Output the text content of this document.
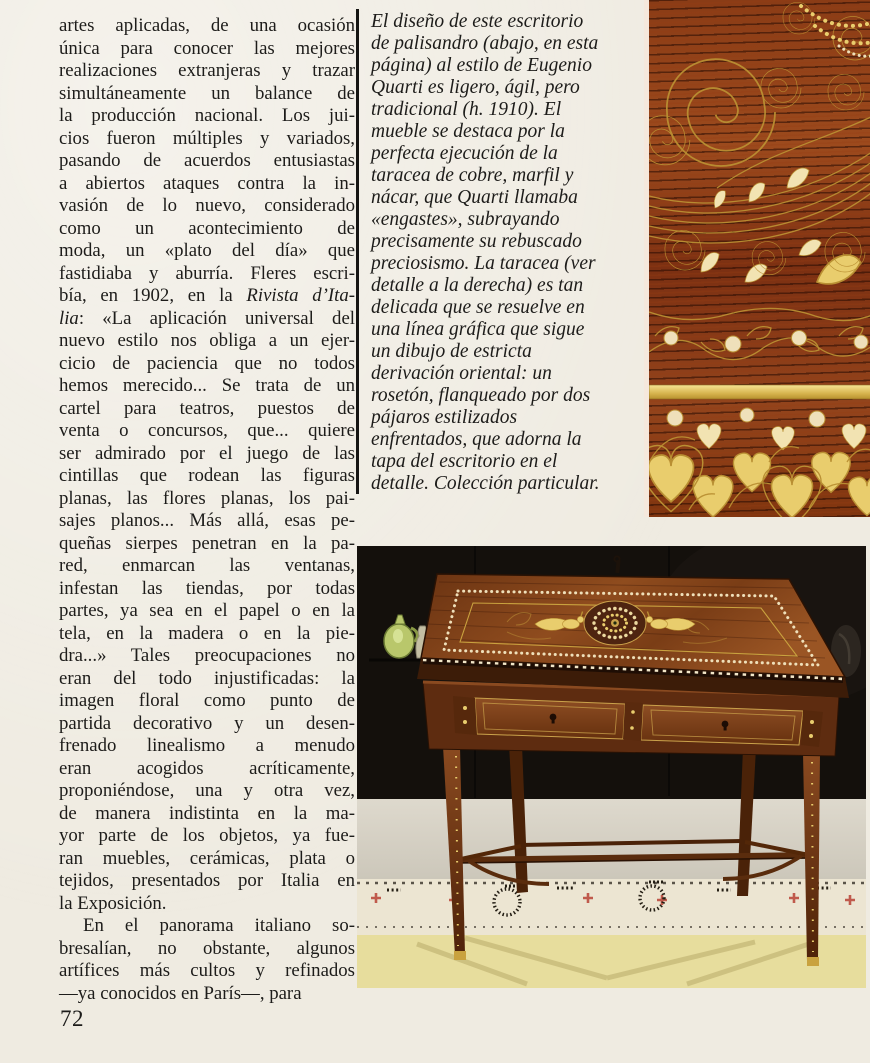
artes aplicadas, de una ocasión
única para conocer las mejores
realizaciones extranjeras y trazar
simultáneamente un balance de
la producción nacional. Los jui-
cios fueron múltiples y variados,
pasando de acuerdos entusiastas
a abiertos ataques contra la in-
vasión de lo nuevo, considerado
como un acontecimiento de
moda, un «plato del día» que
fastidiaba y aburría. Fleres escri-
bía, en 1902, en la Rivista d’Ita-
lia: «La aplicación universal del
nuevo estilo nos obliga a un ejer-
cicio de paciencia que no todos
hemos merecido... Se trata de un
cartel para teatros, puestos de
venta o concursos, que... quiere
ser admirado por el juego de las
cintillas que rodean las figuras
planas, las flores planas, los pai-
sajes planos... Más allá, esas pe-
queñas sierpes penetran en la pa-
red, enmarcan las ventanas,
infestan las tiendas, por todas
partes, ya sea en el papel o en la
tela, en la madera o en la pie-
dra...» Tales preocupaciones no
eran del todo injustificadas: la
imagen floral como punto de
partida decorativo y un desen-
frenado linealismo a menudo
eran acogidos acríticamente,
proponiéndose, una y otra vez,
de manera indistinta en la ma-
yor parte de los objetos, ya fue-
ran muebles, cerámicas, plata o
tejidos, presentados por Italia en
la Exposición.
En el panorama italiano so-
bresalían, no obstante, algunos
artífices más cultos y refinados
—ya conocidos en París—, para
72
El diseño de este escritorio
de palisandro (abajo, en esta
página) al estilo de Eugenio
Quarti es ligero, ágil, pero
tradicional (h. 1910). El
mueble se destaca por la
perfecta ejecución de la
taracea de cobre, marfil y
nácar, que Quarti llamaba
«engastes», subrayando
precisamente su rebuscado
preciosismo. La taracea (ver
detalle a la derecha) es tan
delicada que se resuelve en
una línea gráfica que sigue
un dibujo de estricta
derivación oriental: un
rosetón, flanqueado por dos
pájaros estilizados
enfrentados, que adorna la
tapa del escritorio en el
detalle. Colección particular.
